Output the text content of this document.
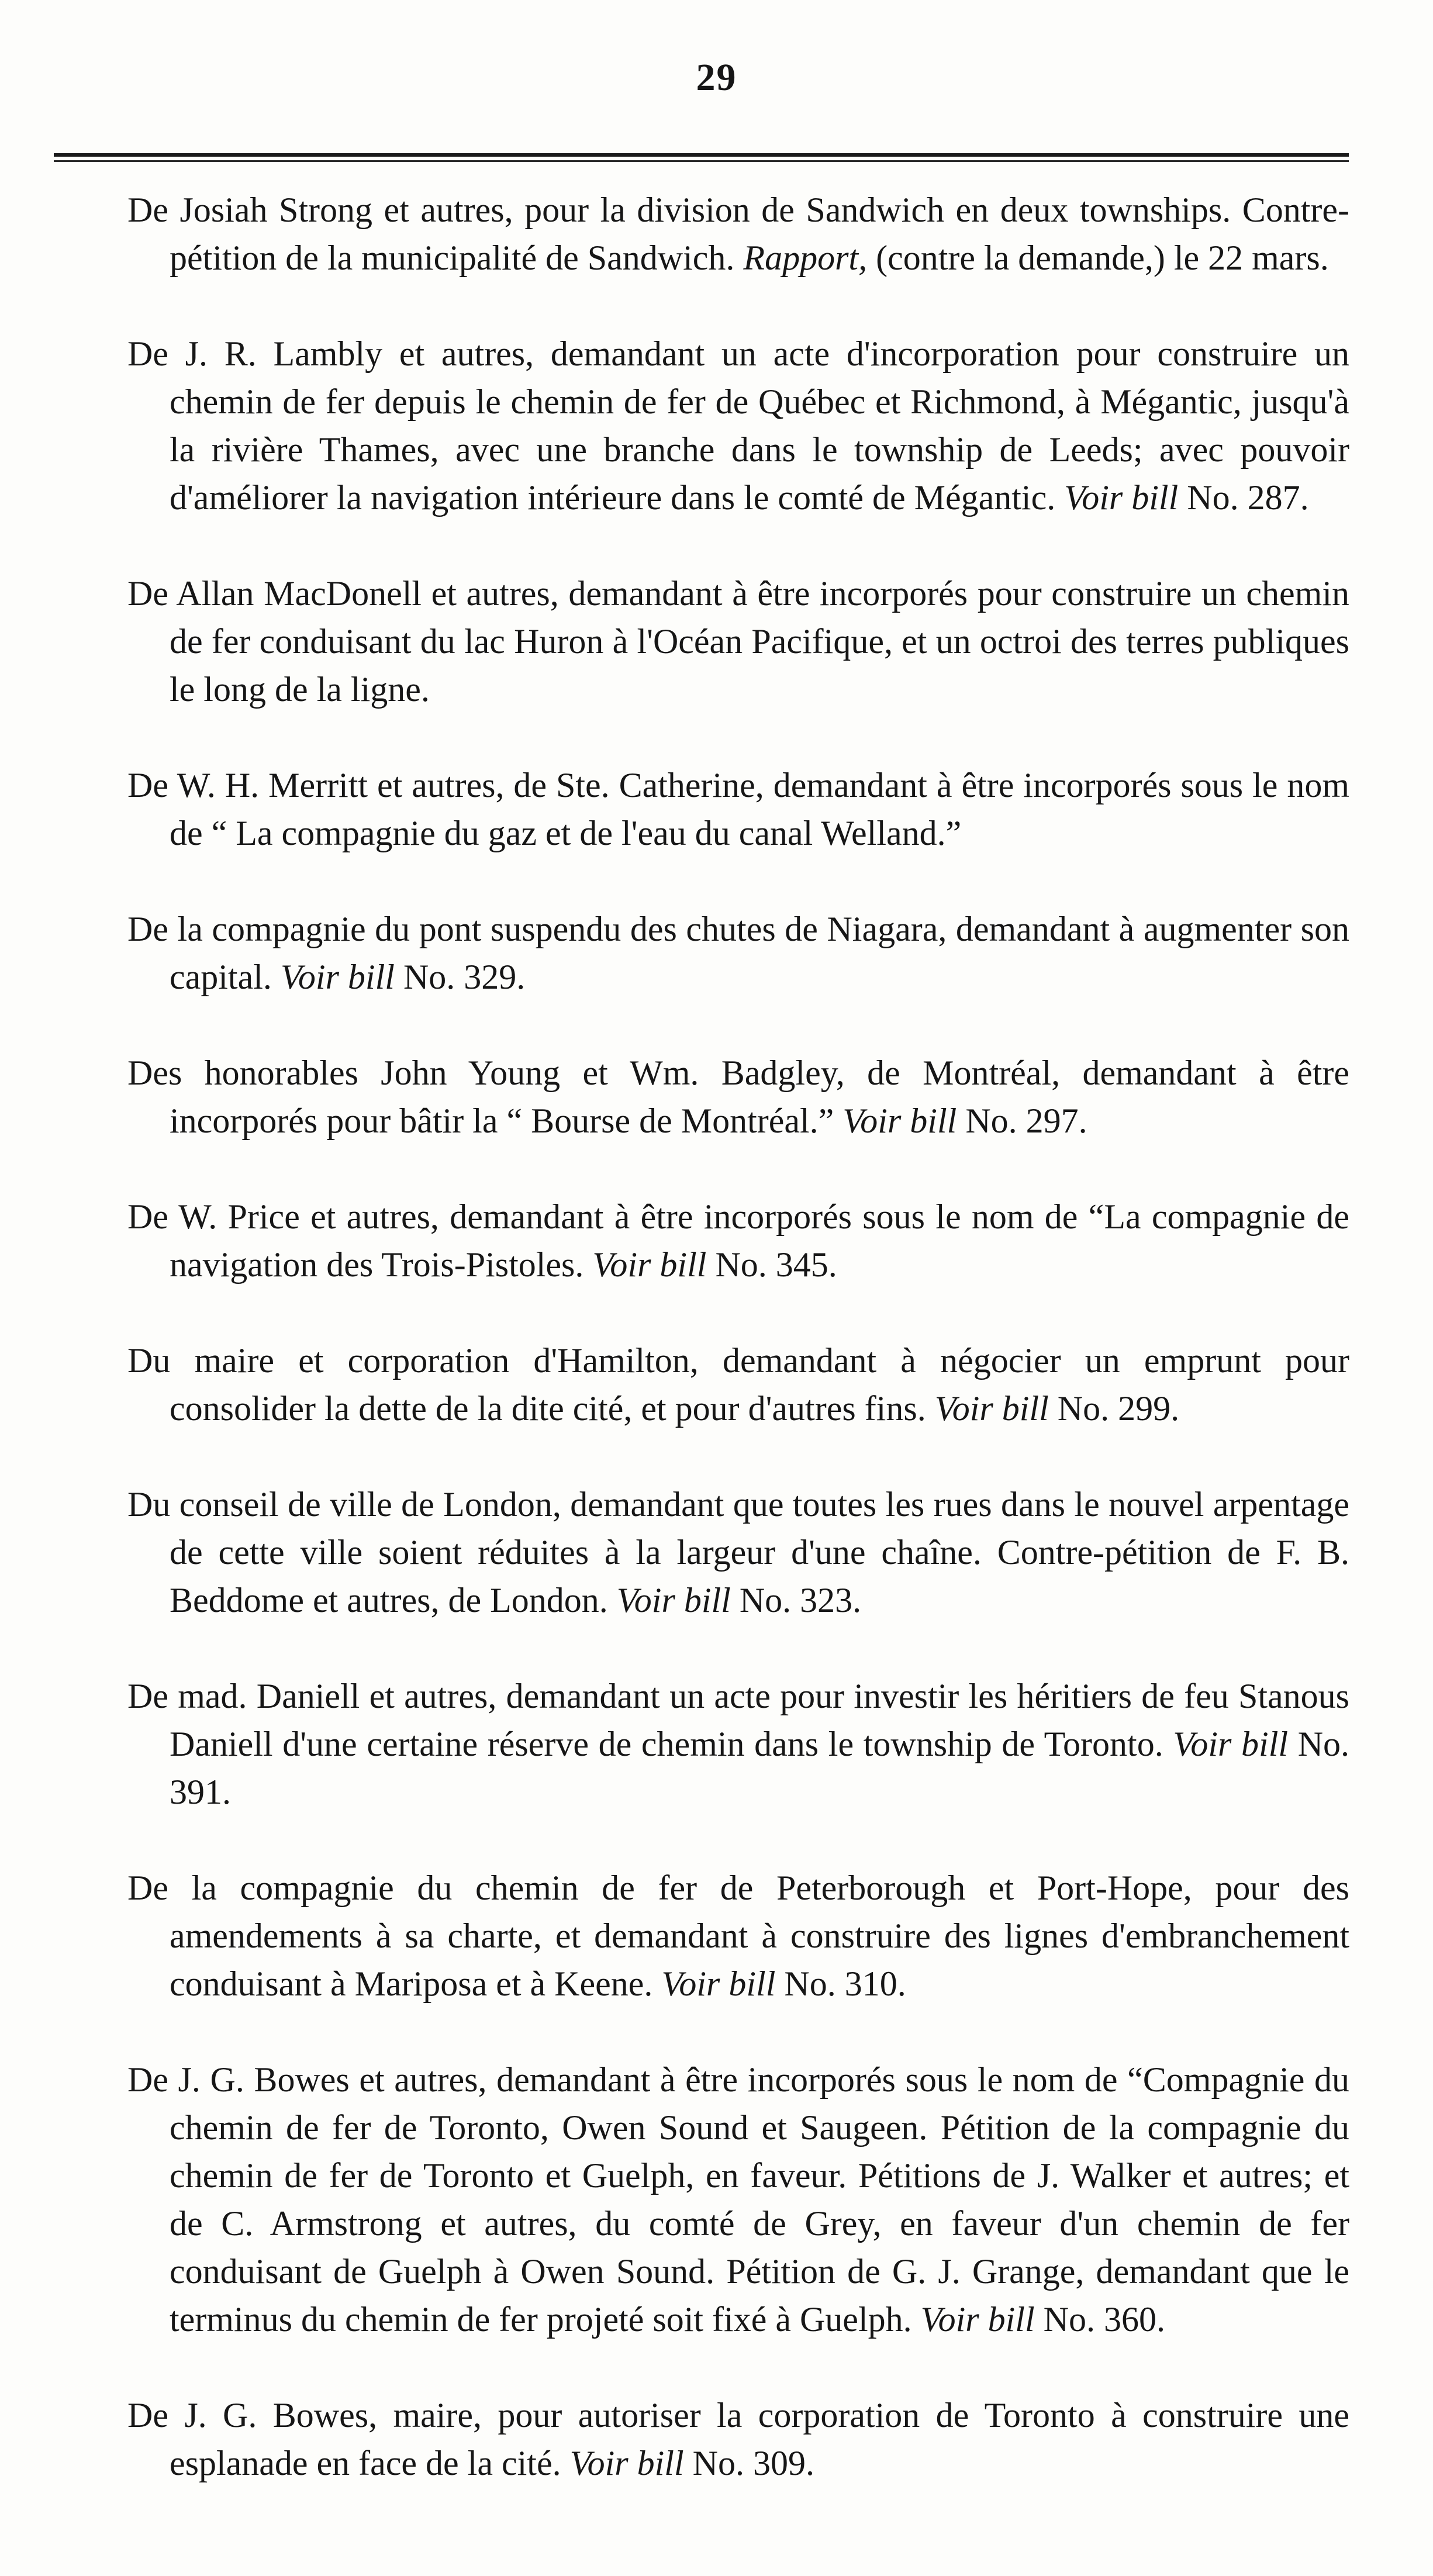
29

De Josiah Strong et autres, pour la division de Sandwich en deux townships. Contre-pétition de la municipalité de Sandwich. Rapport, (contre la demande,) le 22 mars.

De J. R. Lambly et autres, demandant un acte d'incorporation pour construire un chemin de fer depuis le chemin de fer de Québec et Richmond, à Mégantic, jusqu'à la rivière Thames, avec une branche dans le township de Leeds; avec pouvoir d'améliorer la navigation intérieure dans le comté de Mégantic. Voir bill No. 287.

De Allan MacDonell et autres, demandant à être incorporés pour construire un chemin de fer conduisant du lac Huron à l'Océan Pacifique, et un octroi des terres publiques le long de la ligne.

De W. H. Merritt et autres, de Ste. Catherine, demandant à être incorporés sous le nom de “ La compagnie du gaz et de l'eau du canal Welland.”

De la compagnie du pont suspendu des chutes de Niagara, demandant à augmenter son capital. Voir bill No. 329.

Des honorables John Young et Wm. Badgley, de Montréal, demandant à être incorporés pour bâtir la “ Bourse de Montréal.” Voir bill No. 297.

De W. Price et autres, demandant à être incorporés sous le nom de “La compagnie de navigation des Trois-Pistoles. Voir bill No. 345.

Du maire et corporation d'Hamilton, demandant à négocier un emprunt pour consolider la dette de la dite cité, et pour d'autres fins. Voir bill No. 299.

Du conseil de ville de London, demandant que toutes les rues dans le nouvel arpentage de cette ville soient réduites à la largeur d'une chaîne. Contre-pétition de F. B. Beddome et autres, de London. Voir bill No. 323.

De mad. Daniell et autres, demandant un acte pour investir les héritiers de feu Stanous Daniell d'une certaine réserve de chemin dans le township de Toronto. Voir bill No. 391.

De la compagnie du chemin de fer de Peterborough et Port-Hope, pour des amendements à sa charte, et demandant à construire des lignes d'embranchement conduisant à Mariposa et à Keene. Voir bill No. 310.

De J. G. Bowes et autres, demandant à être incorporés sous le nom de “Compagnie du chemin de fer de Toronto, Owen Sound et Saugeen. Pétition de la compagnie du chemin de fer de Toronto et Guelph, en faveur. Pétitions de J. Walker et autres; et de C. Armstrong et autres, du comté de Grey, en faveur d'un chemin de fer conduisant de Guelph à Owen Sound. Pétition de G. J. Grange, demandant que le terminus du chemin de fer projeté soit fixé à Guelph. Voir bill No. 360.

De J. G. Bowes, maire, pour autoriser la corporation de Toronto à construire une esplanade en face de la cité. Voir bill No. 309.
